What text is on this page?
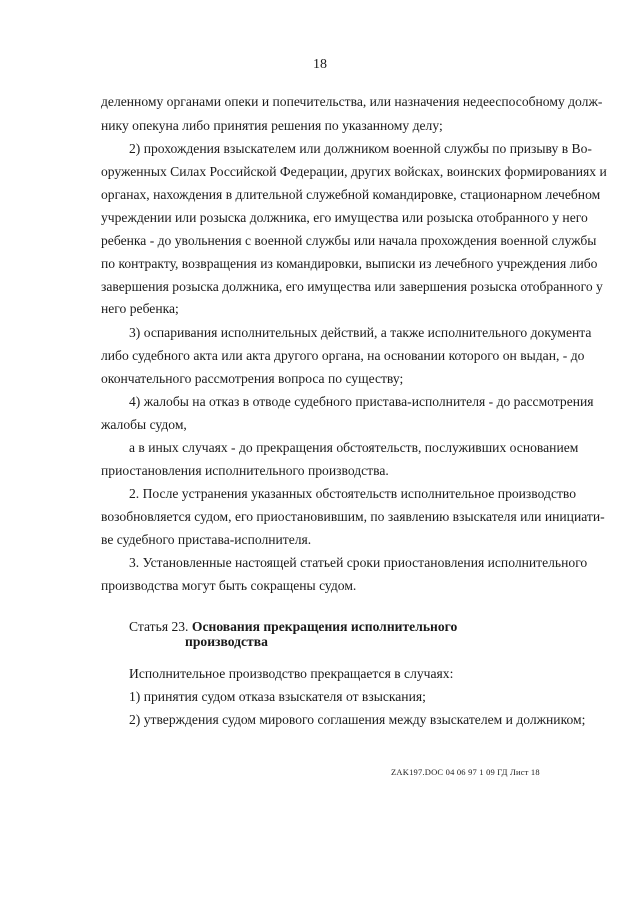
18
деленному органами опеки и попечительства, или назначения недееспособному долж-
нику опекуна либо принятия решения по указанному делу;
2) прохождения взыскателем или должником военной службы по призыву в Во-
оруженных Силах Российской Федерации, других войсках, воинских формированиях и
органах, нахождения в длительной служебной командировке, стационарном лечебном
учреждении или розыска должника, его имущества или розыска отобранного у него
ребенка - до увольнения с военной службы или начала прохождения военной службы
по контракту, возвращения из командировки, выписки из лечебного учреждения либо
завершения розыска должника, его имущества или завершения розыска отобранного у
него ребенка;
3) оспаривания исполнительных действий, а также исполнительного документа
либо судебного акта или акта другого органа, на основании которого он выдан, - до
окончательного рассмотрения вопроса по существу;
4) жалобы на отказ в отводе судебного пристава-исполнителя - до рассмотрения
жалобы судом,
а в иных случаях - до прекращения обстоятельств, послуживших основанием
приостановления исполнительного производства.
2. После устранения указанных обстоятельств исполнительное производство
возобновляется судом, его приостановившим, по заявлению взыскателя или инициати-
ве судебного пристава-исполнителя.
3. Установленные настоящей статьей сроки приостановления исполнительного
производства могут быть сокращены судом.
Статья 23. Основания прекращения исполнительного
производства
Исполнительное производство прекращается в случаях:
1) принятия судом отказа взыскателя от взыскания;
2) утверждения судом мирового соглашения между взыскателем и должником;
ZAK197.DOC 04 06 97 1 09 ГД Лист 18
